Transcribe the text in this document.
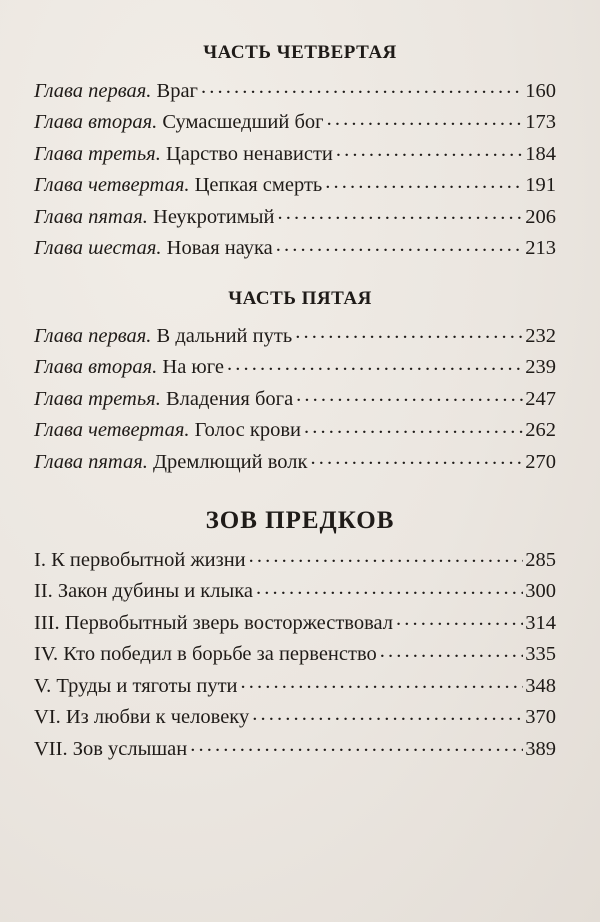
ЧАСТЬ ЧЕТВЕРТАЯ
Глава первая. Враг . . .	160
Глава вторая. Сумасшедший бог . . .	173
Глава третья. Царство ненависти . . .	184
Глава четвертая. Цепкая смерть . . .	191
Глава пятая. Неукротимый . . .	206
Глава шестая. Новая наука . . .	213
ЧАСТЬ ПЯТАЯ
Глава первая. В дальний путь . . .	232
Глава вторая. На юге . . .	239
Глава третья. Владения бога . . .	247
Глава четвертая. Голос крови . . .	262
Глава пятая. Дремлющий волк . . .	270
ЗОВ ПРЕДКОВ
I. К первобытной жизни . . .	285
II. Закон дубины и клыка . . .	300
III. Первобытный зверь восторжествовал . . .	314
IV. Кто победил в борьбе за первенство . . .	335
V. Труды и тяготы пути . . .	348
VI. Из любви к человеку . . .	370
VII. Зов услышан . . .	389
